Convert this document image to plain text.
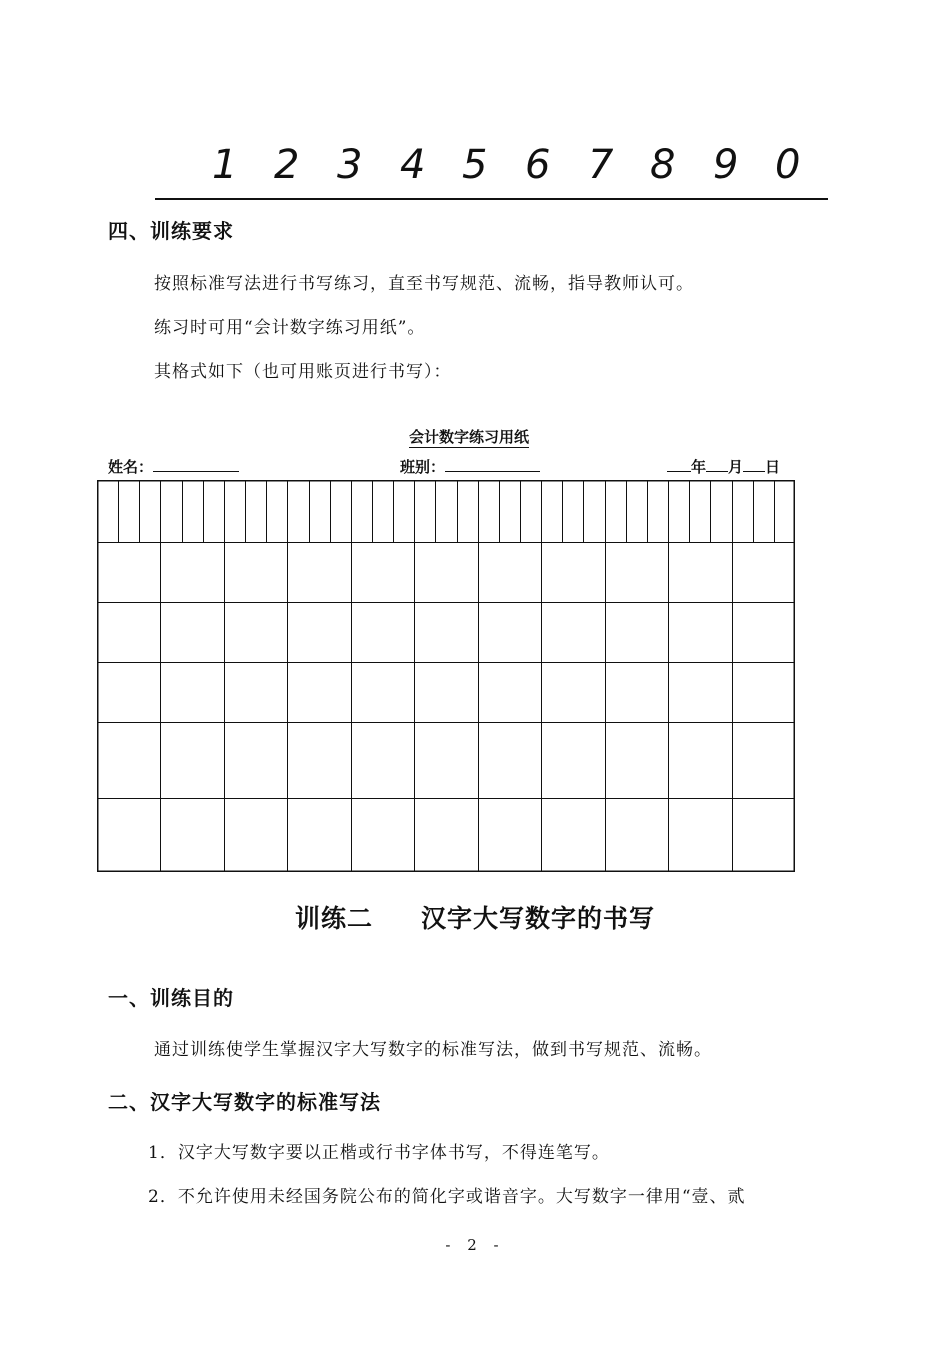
1 2 3 4 5 6 7 8 9 0
四、训练要求
按照标准写法进行书写练习，直至书写规范、流畅，指导教师认可。
练习时可用“会计数字练习用纸”。
其格式如下（也可用账页进行书写）：
会计数字练习用纸
姓名：	班别：	年 月 日
训练二 汉字大写数字的书写
一、训练目的
通过训练使学生掌握汉字大写数字的标准写法，做到书写规范、流畅。
二、汉字大写数字的标准写法
1．汉字大写数字要以正楷或行书字体书写，不得连笔写。
2．不允许使用未经国务院公布的简化字或谐音字。大写数字一律用“壹、贰
- 2 -
